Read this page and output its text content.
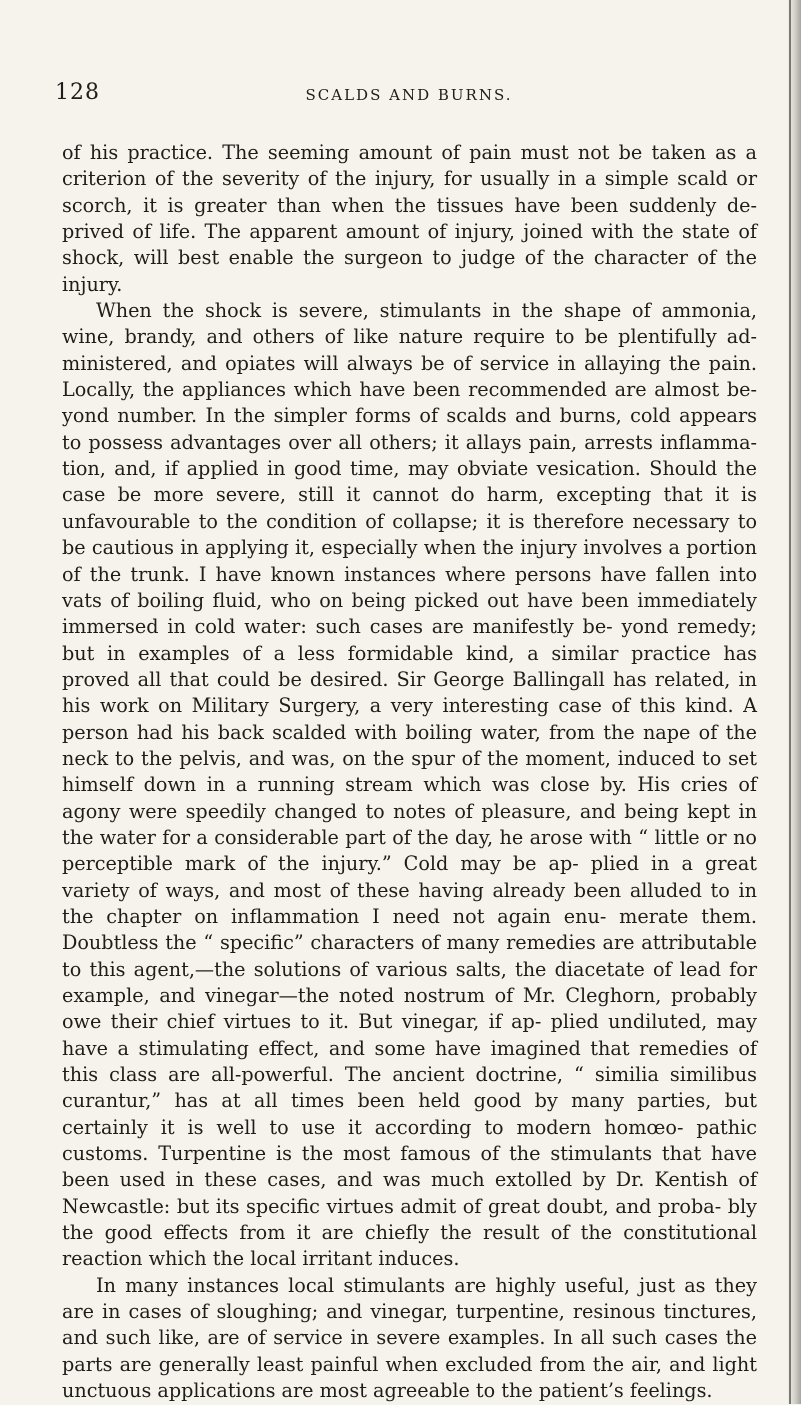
128	SCALDS AND BURNS.

of his practice. The seeming amount of pain must not be taken as a criterion of the severity of the injury, for usually in a simple scald or scorch, it is greater than when the tissues have been suddenly de- prived of life. The apparent amount of injury, joined with the state of shock, will best enable the surgeon to judge of the character of the injury.

When the shock is severe, stimulants in the shape of ammonia, wine, brandy, and others of like nature require to be plentifully ad- ministered, and opiates will always be of service in allaying the pain. Locally, the appliances which have been recommended are almost be- yond number. In the simpler forms of scalds and burns, cold appears to possess advantages over all others; it allays pain, arrests inflamma- tion, and, if applied in good time, may obviate vesication. Should the case be more severe, still it cannot do harm, excepting that it is unfavourable to the condition of collapse; it is therefore necessary to be cautious in applying it, especially when the injury involves a portion of the trunk. I have known instances where persons have fallen into vats of boiling fluid, who on being picked out have been immediately immersed in cold water: such cases are manifestly be- yond remedy; but in examples of a less formidable kind, a similar practice has proved all that could be desired. Sir George Ballingall has related, in his work on Military Surgery, a very interesting case of this kind. A person had his back scalded with boiling water, from the nape of the neck to the pelvis, and was, on the spur of the moment, induced to set himself down in a running stream which was close by. His cries of agony were speedily changed to notes of pleasure, and being kept in the water for a considerable part of the day, he arose with “ little or no perceptible mark of the injury.” Cold may be ap- plied in a great variety of ways, and most of these having already been alluded to in the chapter on inflammation I need not again enu- merate them. Doubtless the “ specific” characters of many remedies are attributable to this agent,—the solutions of various salts, the diacetate of lead for example, and vinegar—the noted nostrum of Mr. Cleghorn, probably owe their chief virtues to it. But vinegar, if ap- plied undiluted, may have a stimulating effect, and some have imagined that remedies of this class are all-powerful. The ancient doctrine, “ similia similibus curantur,” has at all times been held good by many parties, but certainly it is well to use it according to modern homœo- pathic customs. Turpentine is the most famous of the stimulants that have been used in these cases, and was much extolled by Dr. Kentish of Newcastle: but its specific virtues admit of great doubt, and proba- bly the good effects from it are chiefly the result of the constitutional reaction which the local irritant induces.

In many instances local stimulants are highly useful, just as they are in cases of sloughing; and vinegar, turpentine, resinous tinctures, and such like, are of service in severe examples. In all such cases the parts are generally least painful when excluded from the air, and light unctuous applications are most agreeable to the patient’s feelings.
